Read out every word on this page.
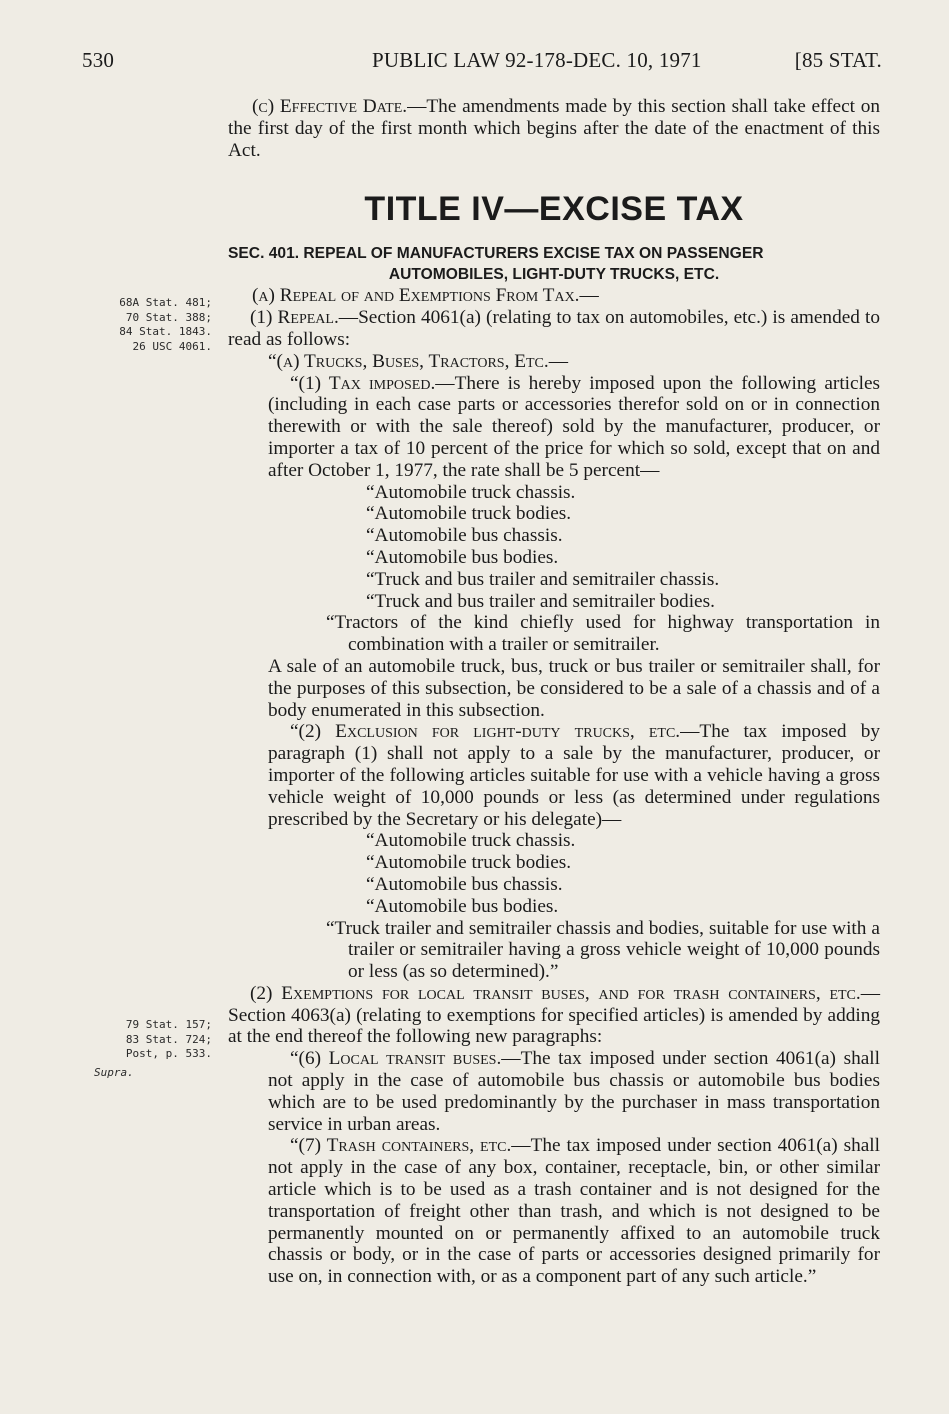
530	PUBLIC LAW 92-178-DEC. 10, 1971	[85 STAT.
68A Stat. 481;
70 Stat. 388;
84 Stat. 1843.
26 USC 4061.
79 Stat. 157;
83 Stat. 724;
Post, p. 533.
Supra.

(c) Effective Date.—The amendments made by this section shall take effect on the first day of the first month which begins after the date of the enactment of this Act.

TITLE IV—EXCISE TAX

SEC. 401. REPEAL OF MANUFACTURERS EXCISE TAX ON PASSENGER
AUTOMOBILES, LIGHT-DUTY TRUCKS, ETC.

(a) Repeal of and Exemptions From Tax.—

(1) Repeal.—Section 4061(a) (relating to tax on automobiles, etc.) is amended to read as follows:

“(a) Trucks, Buses, Tractors, Etc.—

“(1) Tax imposed.—There is hereby imposed upon the following articles (including in each case parts or accessories therefor sold on or in connection therewith or with the sale thereof) sold by the manufacturer, producer, or importer a tax of 10 percent of the price for which so sold, except that on and after October 1, 1977, the rate shall be 5 percent—

“Automobile truck chassis.

“Automobile truck bodies.

“Automobile bus chassis.

“Automobile bus bodies.

“Truck and bus trailer and semitrailer chassis.

“Truck and bus trailer and semitrailer bodies.

“Tractors of the kind chiefly used for highway transportation in combination with a trailer or semitrailer.

A sale of an automobile truck, bus, truck or bus trailer or semitrailer shall, for the purposes of this subsection, be considered to be a sale of a chassis and of a body enumerated in this subsection.

“(2) Exclusion for light-duty trucks, etc.—The tax imposed by paragraph (1) shall not apply to a sale by the manufacturer, producer, or importer of the following articles suitable for use with a vehicle having a gross vehicle weight of 10,000 pounds or less (as determined under regulations prescribed by the Secretary or his delegate)—

“Automobile truck chassis.

“Automobile truck bodies.

“Automobile bus chassis.

“Automobile bus bodies.

“Truck trailer and semitrailer chassis and bodies, suitable for use with a trailer or semitrailer having a gross vehicle weight of 10,000 pounds or less (as so determined).”

(2) Exemptions for local transit buses, and for trash containers, etc.—Section 4063(a) (relating to exemptions for specified articles) is amended by adding at the end thereof the following new paragraphs:

“(6) Local transit buses.—The tax imposed under section 4061(a) shall not apply in the case of automobile bus chassis or automobile bus bodies which are to be used predominantly by the purchaser in mass transportation service in urban areas.

“(7) Trash containers, etc.—The tax imposed under section 4061(a) shall not apply in the case of any box, container, receptacle, bin, or other similar article which is to be used as a trash container and is not designed for the transportation of freight other than trash, and which is not designed to be permanently mounted on or permanently affixed to an automobile truck chassis or body, or in the case of parts or accessories designed primarily for use on, in connection with, or as a component part of any such article.”
